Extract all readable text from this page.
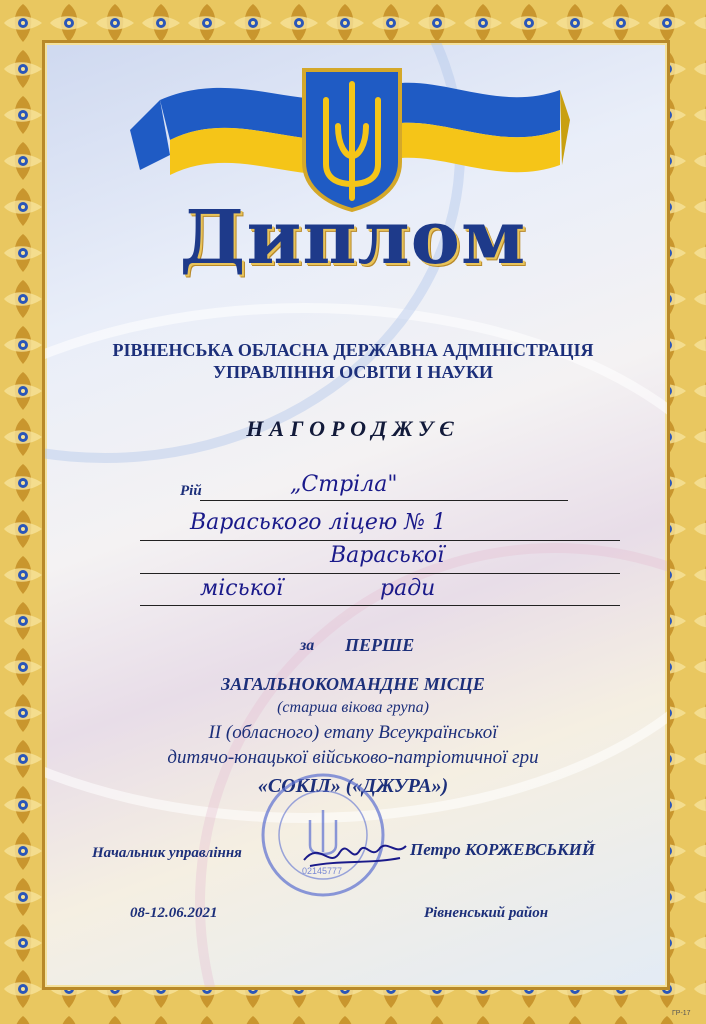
Диплом
РІВНЕНСЬКА ОБЛАСНА ДЕРЖАВНА АДМІНІСТРАЦІЯ
УПРАВЛІННЯ ОСВІТИ І НАУКИ
НАГОРОДЖУЄ
Рій	„Стріла"
Вараського ліцею № 1
Вараської
міської	ради
за ПЕРШЕ
ЗАГАЛЬНОКОМАНДНЕ МІСЦЕ
(старша вікова група)
ІІ (обласного) етапу Всеукраїнської
дитячо-юнацької військово-патріотичної гри
«СОКІЛ» («ДЖУРА»)
02145777
Начальник управління	Петро КОРЖЕВСЬКИЙ
08-12.06.2021	Рівненський район
ГР-17
